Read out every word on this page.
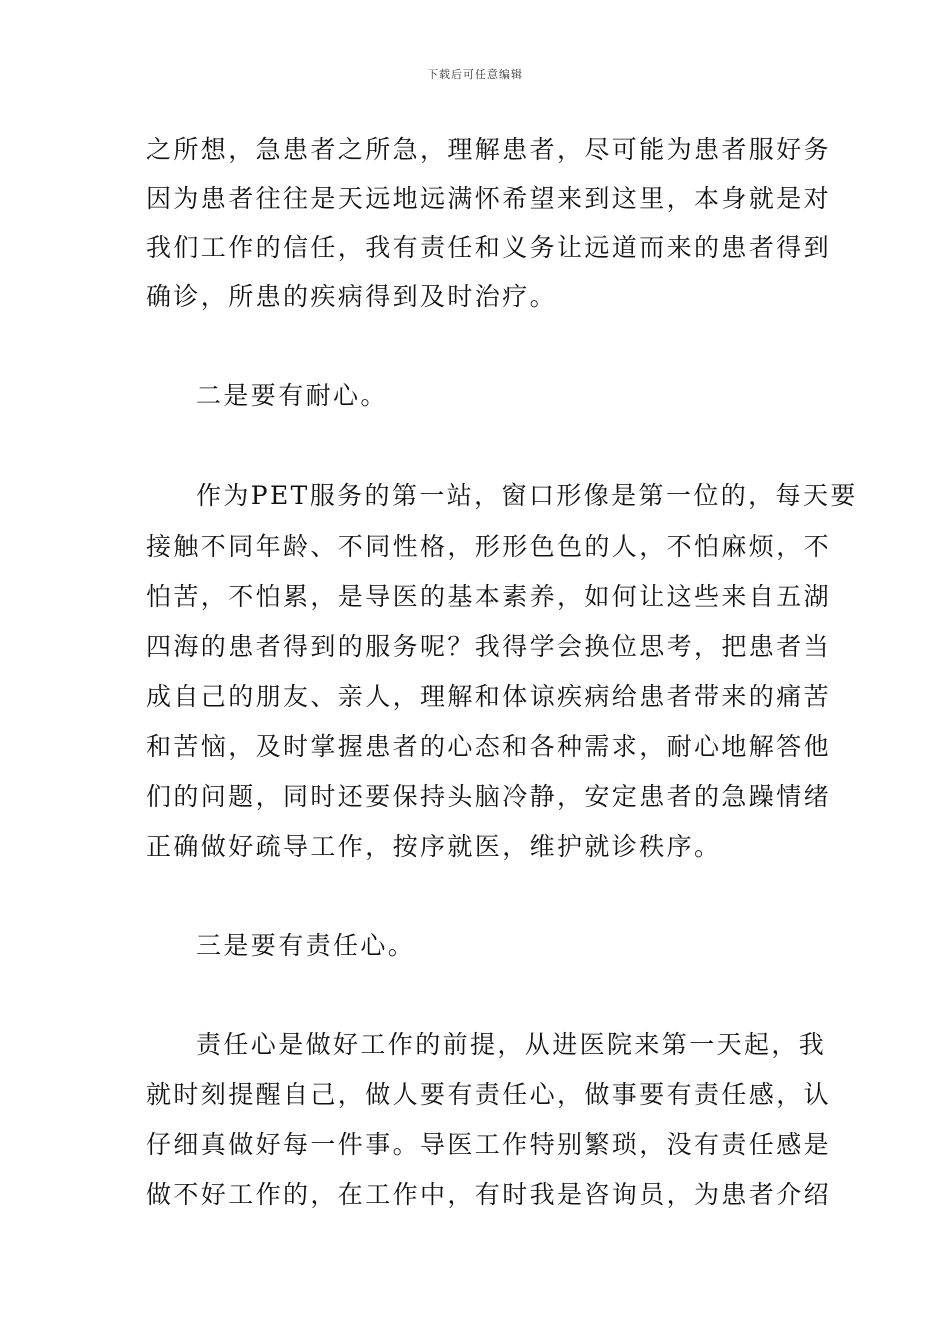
下载后可任意编辑
之所想，急患者之所急，理解患者，尽可能为患者服好务
因为患者往往是天远地远满怀希望来到这里，本身就是对
我们工作的信任，我有责任和义务让远道而来的患者得到
确诊，所患的疾病得到及时治疗。
二是要有耐心。
作为PET服务的第一站，窗口形像是第一位的，每天要
接触不同年龄、不同性格，形形色色的人，不怕麻烦，不
怕苦，不怕累，是导医的基本素养，如何让这些来自五湖
四海的患者得到的服务呢？我得学会换位思考，把患者当
成自己的朋友、亲人，理解和体谅疾病给患者带来的痛苦
和苦恼，及时掌握患者的心态和各种需求，耐心地解答他
们的问题，同时还要保持头脑冷静，安定患者的急躁情绪
正确做好疏导工作，按序就医，维护就诊秩序。
三是要有责任心。
责任心是做好工作的前提，从进医院来第一天起，我
就时刻提醒自己，做人要有责任心，做事要有责任感，认
仔细真做好每一件事。导医工作特别繁琐，没有责任感是
做不好工作的，在工作中，有时我是咨询员，为患者介绍
